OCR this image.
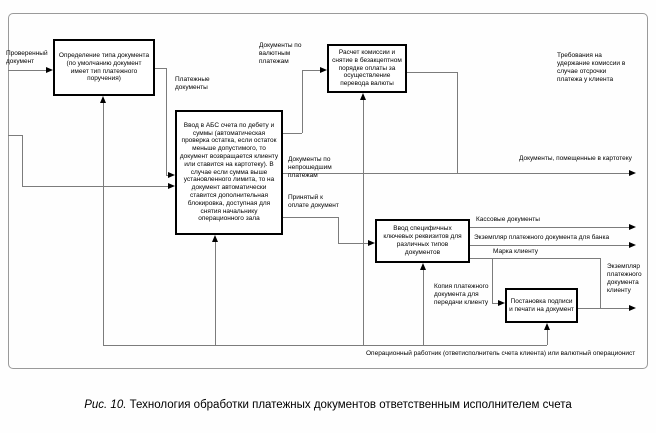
Определение типа документа (по умолчанию документ имеет тип платежного поручения)
Ввод в АБС счета по дебету и суммы (автоматическая проверка остатка, если остаток меньше допустимого, то документ возвращается клиенту или ставится на картотеку). В случае если сумма выше установленного лимита, то на документ автоматически ставится дополнительная блокировка, доступная для снятия начальнику операционного зала
Расчет комиссии и снятие в безакцептном порядке оплаты за осуществление перевода валюты
Ввод специфичных ключевых реквизитов для различных типов документов
Постановка подписи и печати на документ
Проверенный документ
Платежные документы
Документы по валютным платежам
Требования на удержание комиссии в случае отсрочки платежа у клиента
Документы по непрошедшим платежам
Документы, помещенные в картотеку
Принятый к оплате документ
Кассовые документы
Экземпляр платежного документа для банка
Марка клиенту
Экземпляр платежного документа клиенту
Копия платежного документа для передачи клиенту
Операционный работник (ответисполнитель счета клиента) или валютный операционист
Рис. 10. Технология обработки платежных документов ответственным исполнителем счета
